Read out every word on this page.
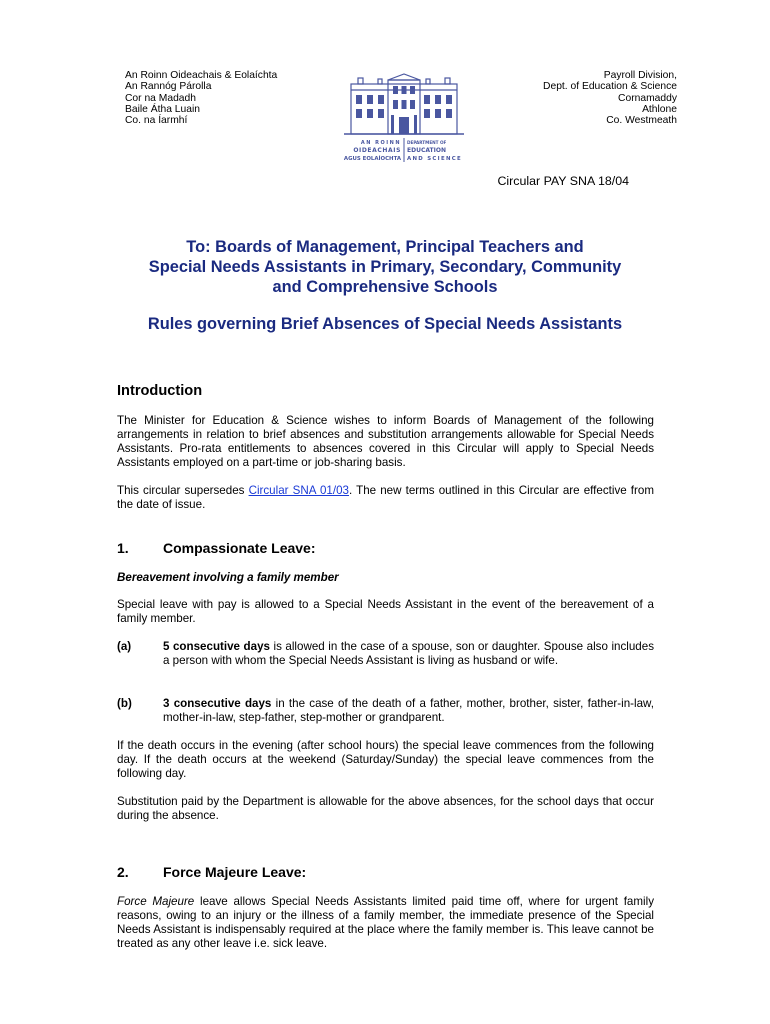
An Roinn Oideachais & Eolaíchta
An Rannóg Párolla
Cor na Madadh
Baile Átha Luain
Co. na Íarmhí
AN ROINN
OIDEACHAIS
AGUS EOLAÍOCHTA
DEPARTMENT OF
EDUCATION
AND SCIENCE
Payroll Division,
Dept. of Education & Science
Cornamaddy
Athlone
Co. Westmeath
Circular PAY SNA 18/04
To: Boards of Management, Principal Teachers and
Special Needs Assistants in Primary, Secondary, Community
and Comprehensive Schools
Rules governing Brief Absences of Special Needs Assistants
Introduction

The Minister for Education & Science wishes to inform Boards of Management of the following arrangements in relation to brief absences and substitution arrangements allowable for Special Needs Assistants. Pro-rata entitlements to absences covered in this Circular will apply to Special Needs Assistants employed on a part-time or job-sharing basis.

This circular supersedes Circular SNA 01/03. The new terms outlined in this Circular are effective from the date of issue.

1. Compassionate Leave:
Bereavement involving a family member

Special leave with pay is allowed to a Special Needs Assistant in the event of the bereavement of a family member.

(a)	5 consecutive days is allowed in the case of a spouse, son or daughter. Spouse also includes a person with whom the Special Needs Assistant is living as husband or wife.
(b)	3 consecutive days in the case of the death of a father, mother, brother, sister, father-in-law, mother-in-law, step-father, step-mother or grandparent.

If the death occurs in the evening (after school hours) the special leave commences from the following day. If the death occurs at the weekend (Saturday/Sunday) the special leave commences from the following day.

Substitution paid by the Department is allowable for the above absences, for the school days that occur during the absence.

2. Force Majeure Leave:

Force Majeure leave allows Special Needs Assistants limited paid time off, where for urgent family reasons, owing to an injury or the illness of a family member, the immediate presence of the Special Needs Assistant is indispensably required at the place where the family member is. This leave cannot be treated as any other leave i.e. sick leave.
